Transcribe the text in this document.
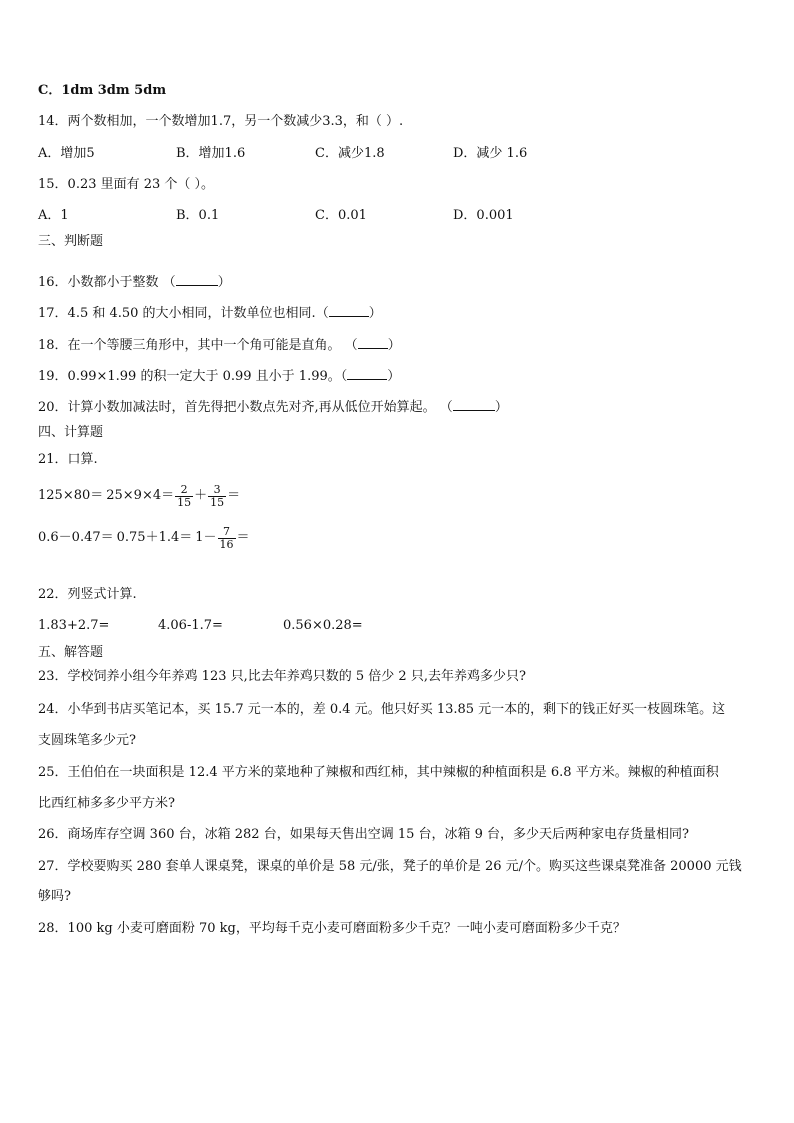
C．1dm 3dm 5dm
14．两个数相加，一个数增加1.7，另一个数减少3.3，和（ ）.
A．增加5	B．增加1.6	C．减少1.8	D．减少 1.6
15．0.23 里面有 23 个（ ）。
A．1	B．0.1	C．0.01	D．0.001
三、判断题
16．小数都小于整数 （	）
17．4.5 和 4.50 的大小相同，计数单位也相同.（	）
18．在一个等腰三角形中，其中一个角可能是直角。 （ ）
19．0.99×1.99 的积一定大于 0.99 且小于 1.99。（	）
20．计算小数加减法时，首先得把小数点先对齐,再从低位开始算起。 （	）
四、计算题
21．口算.
$125\times 80= 25\times 9\times 4= \frac{2}{15} + \frac{3}{15}$ ＝
$0.6-0.47= 0.75+1.4= 1- \frac{7}{16}$ ＝
22．列竖式计算.
1.83+2.7=	4.06-1.7=	0.56×0.28=
五、解答题
23．学校饲养小组今年养鸡 123 只,比去年养鸡只数的 5 倍少 2 只,去年养鸡多少只?
24．小华到书店买笔记本，买 15.7 元一本的，差 0.4 元。他只好买 13.85 元一本的，剩下的钱正好买一枝圆珠笔。这
支圆珠笔多少元?
25．王伯伯在一块面积是 12.4 平方米的菜地种了辣椒和西红柿，其中辣椒的种植面积是 6.8 平方米。辣椒的种植面积
比西红柿多多少平方米?
26．商场库存空调 360 台，冰箱 282 台，如果每天售出空调 15 台，冰箱 9 台，多少天后两种家电存货量相同?
27．学校要购买 280 套单人课桌凳，课桌的单价是 58 元/张，凳子的单价是 26 元/个。购买这些课桌凳准备 20000 元钱
够吗?
28．100 kg 小麦可磨面粉 70 kg，平均每千克小麦可磨面粉多少千克？一吨小麦可磨面粉多少千克？
